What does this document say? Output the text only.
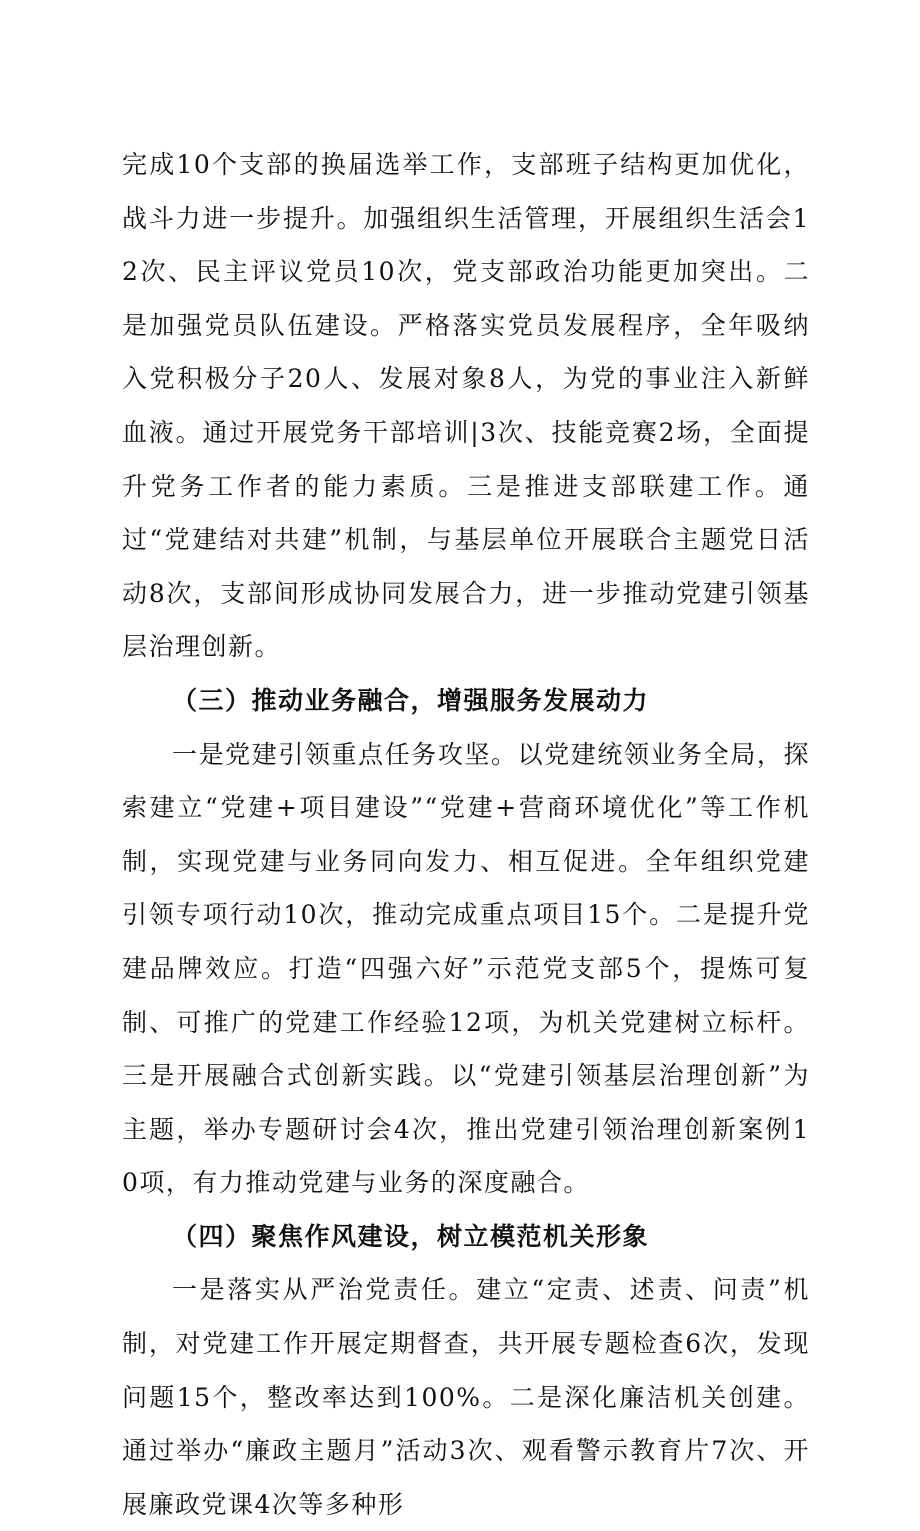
完成10个支部的换届选举工作，支部班子结构更加优化，战斗力进一步提升。加强组织生活管理，开展组织生活会12次、民主评议党员10次，党支部政治功能更加突出。二是加强党员队伍建设。严格落实党员发展程序，全年吸纳入党积极分子20人、发展对象8人，为党的事业注入新鲜血液。通过开展党务干部培训|3次、技能竞赛2场，全面提升党务工作者的能力素质。三是推进支部联建工作。通过“党建结对共建”机制，与基层单位开展联合主题党日活动8次，支部间形成协同发展合力，进一步推动党建引领基层治理创新。

（三）推动业务融合，增强服务发展动力

一是党建引领重点任务攻坚。以党建统领业务全局，探索建立“党建+项目建设”“党建+营商环境优化”等工作机制，实现党建与业务同向发力、相互促进。全年组织党建引领专项行动10次，推动完成重点项目15个。二是提升党建品牌效应。打造“四强六好”示范党支部5个，提炼可复制、可推广的党建工作经验12项，为机关党建树立标杆。三是开展融合式创新实践。以“党建引领基层治理创新”为主题，举办专题研讨会4次，推出党建引领治理创新案例10项，有力推动党建与业务的深度融合。

（四）聚焦作风建设，树立模范机关形象

一是落实从严治党责任。建立“定责、述责、问责”机制，对党建工作开展定期督查，共开展专题检查6次，发现问题15个，整改率达到100%。二是深化廉洁机关创建。通过举办“廉政主题月”活动3次、观看警示教育片7次、开展廉政党课4次等多种形
